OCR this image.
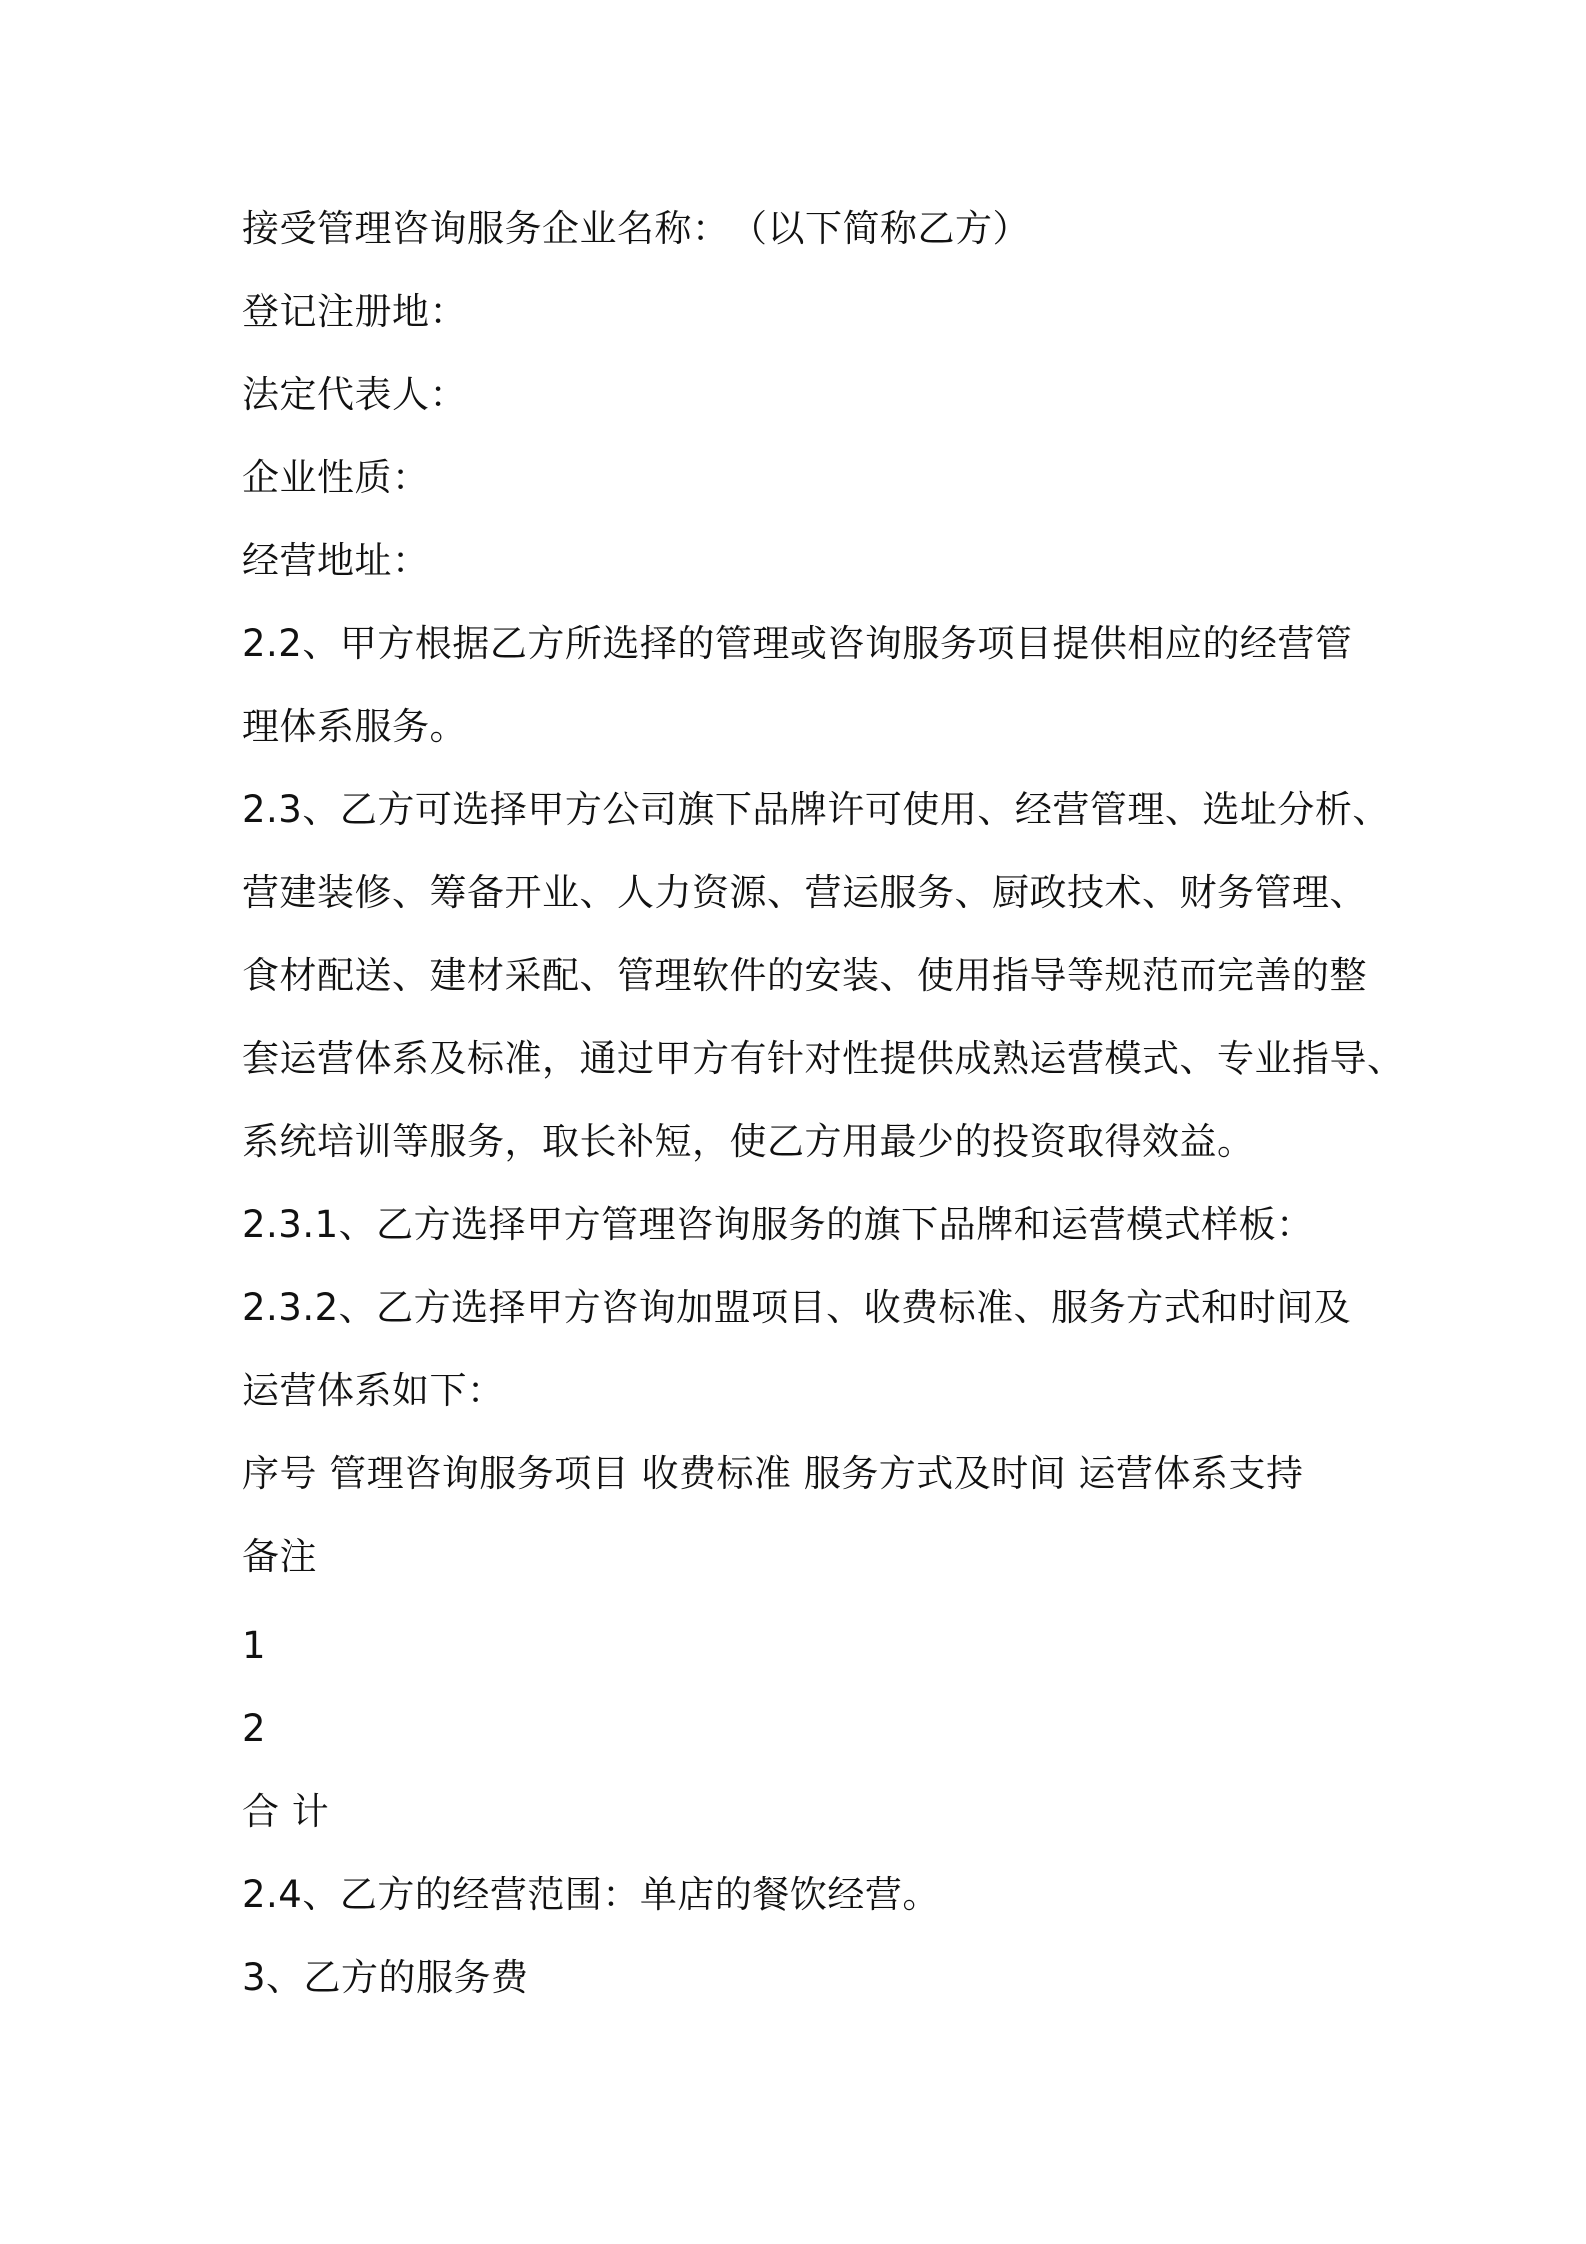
接受管理咨询服务企业名称：　（以下简称乙方）
登记注册地：
法定代表人：
企业性质：
经营地址：
2.2、甲方根据乙方所选择的管理或咨询服务项目提供相应的经营管
理体系服务。
2.3、乙方可选择甲方公司旗下品牌许可使用、经营管理、选址分析、
营建装修、筹备开业、人力资源、营运服务、厨政技术、财务管理、
食材配送、建材采配、管理软件的安装、使用指导等规范而完善的整
套运营体系及标准，通过甲方有针对性提供成熟运营模式、专业指导、
系统培训等服务，取长补短，使乙方用最少的投资取得效益。
2.3.1、乙方选择甲方管理咨询服务的旗下品牌和运营模式样板：
2.3.2、乙方选择甲方咨询加盟项目、收费标准、服务方式和时间及
运营体系如下：
序号 管理咨询服务项目 收费标准 服务方式及时间 运营体系支持
备注
1
2
合 计
2.4、乙方的经营范围：单店的餐饮经营。
3、乙方的服务费
